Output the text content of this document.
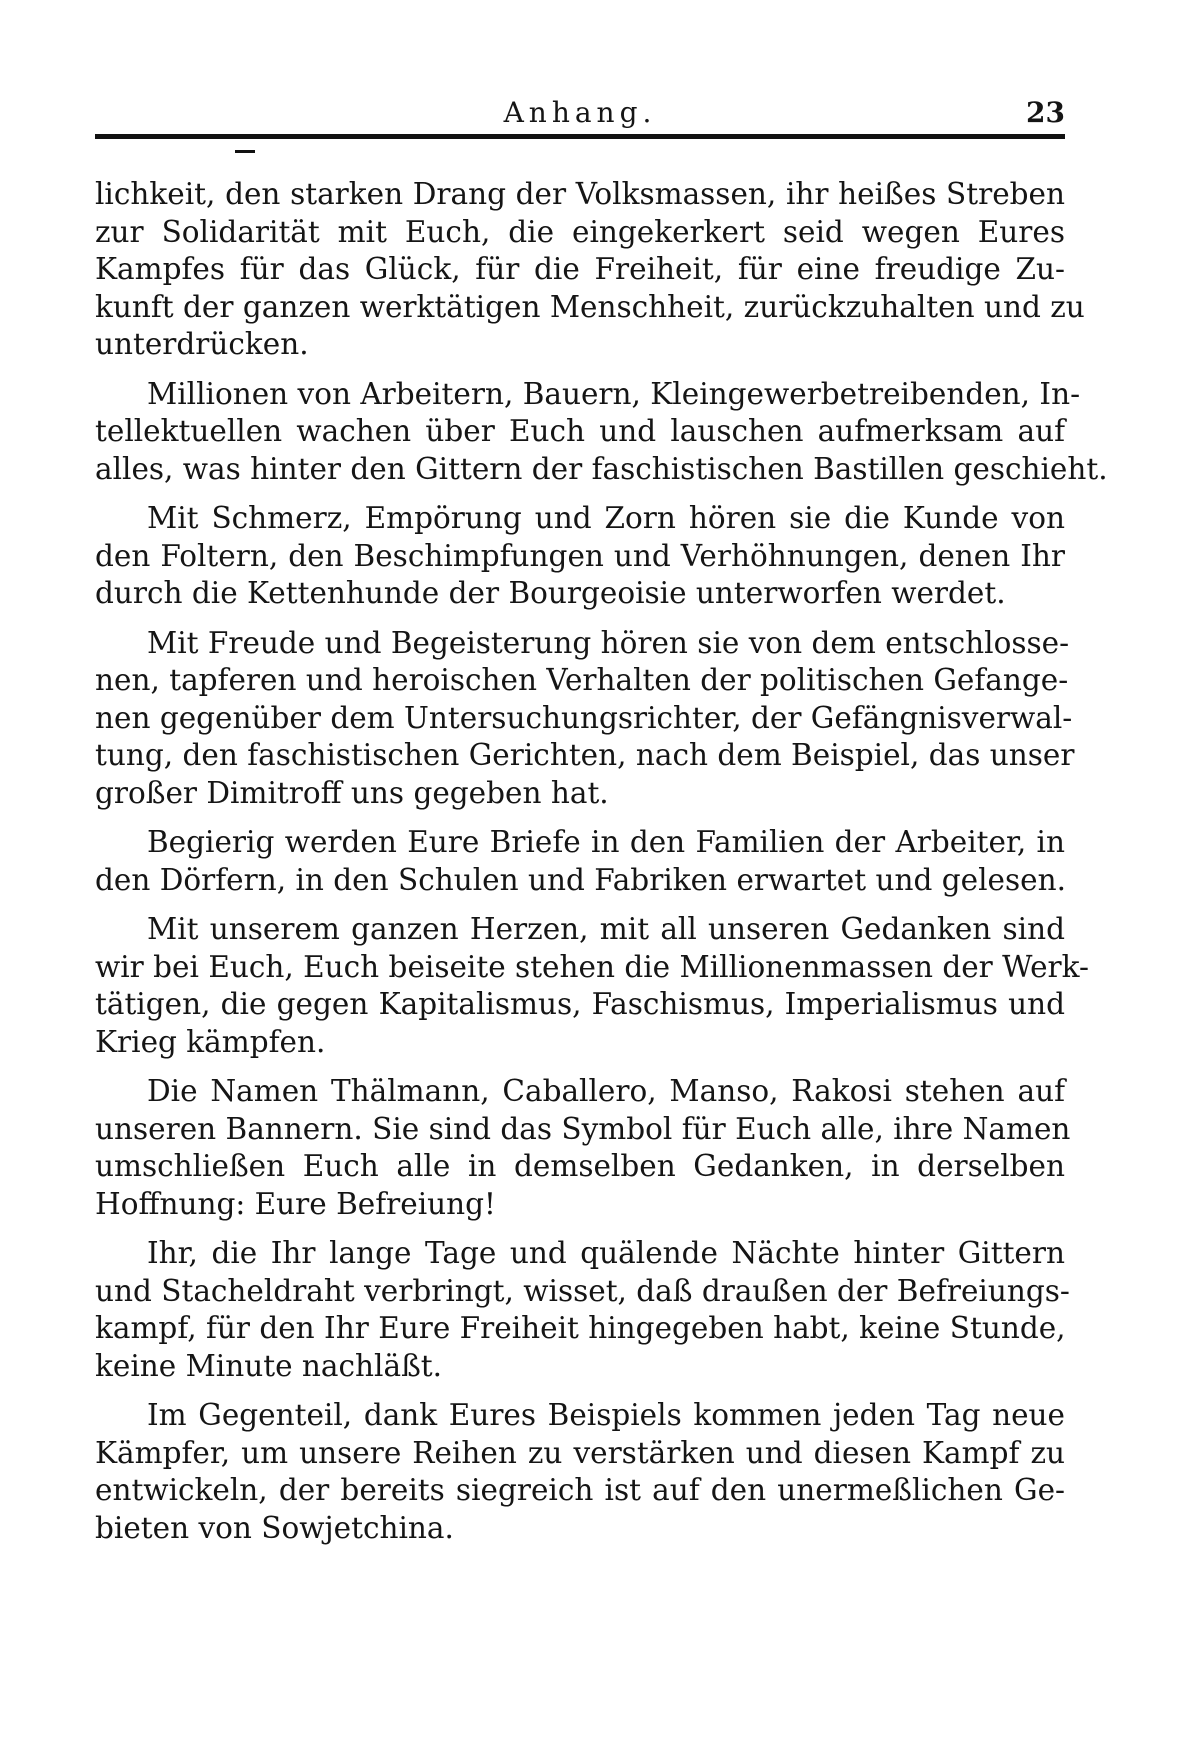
Anhang.	23

lichkeit, den starken Drang der Volksmassen, ihr heißes Streben
zur Solidarität mit Euch, die eingekerkert seid wegen Eures
Kampfes für das Glück, für die Freiheit, für eine freudige Zu-
kunft der ganzen werktätigen Menschheit, zurückzuhalten und zu
unterdrücken.

Millionen von Arbeitern, Bauern, Kleingewerbetreibenden, In-
tellektuellen wachen über Euch und lauschen aufmerksam auf
alles, was hinter den Gittern der faschistischen Bastillen geschieht.

Mit Schmerz, Empörung und Zorn hören sie die Kunde von
den Foltern, den Beschimpfungen und Verhöhnungen, denen Ihr
durch die Kettenhunde der Bourgeoisie unterworfen werdet.

Mit Freude und Begeisterung hören sie von dem entschlosse-
nen, tapferen und heroischen Verhalten der politischen Gefange-
nen gegenüber dem Untersuchungsrichter, der Gefängnisverwal-
tung, den faschistischen Gerichten, nach dem Beispiel, das unser
großer Dimitroff uns gegeben hat.

Begierig werden Eure Briefe in den Familien der Arbeiter, in
den Dörfern, in den Schulen und Fabriken erwartet und gelesen.

Mit unserem ganzen Herzen, mit all unseren Gedanken sind
wir bei Euch, Euch beiseite stehen die Millionenmassen der Werk-
tätigen, die gegen Kapitalismus, Faschismus, Imperialismus und
Krieg kämpfen.

Die Namen Thälmann, Caballero, Manso, Rakosi stehen auf
unseren Bannern. Sie sind das Symbol für Euch alle, ihre Namen
umschließen Euch alle in demselben Gedanken, in derselben
Hoffnung: Eure Befreiung!

Ihr, die Ihr lange Tage und quälende Nächte hinter Gittern
und Stacheldraht verbringt, wisset, daß draußen der Befreiungs-
kampf, für den Ihr Eure Freiheit hingegeben habt, keine Stunde,
keine Minute nachläßt.

Im Gegenteil, dank Eures Beispiels kommen jeden Tag neue
Kämpfer, um unsere Reihen zu verstärken und diesen Kampf zu
entwickeln, der bereits siegreich ist auf den unermeßlichen Ge-
bieten von Sowjetchina.
